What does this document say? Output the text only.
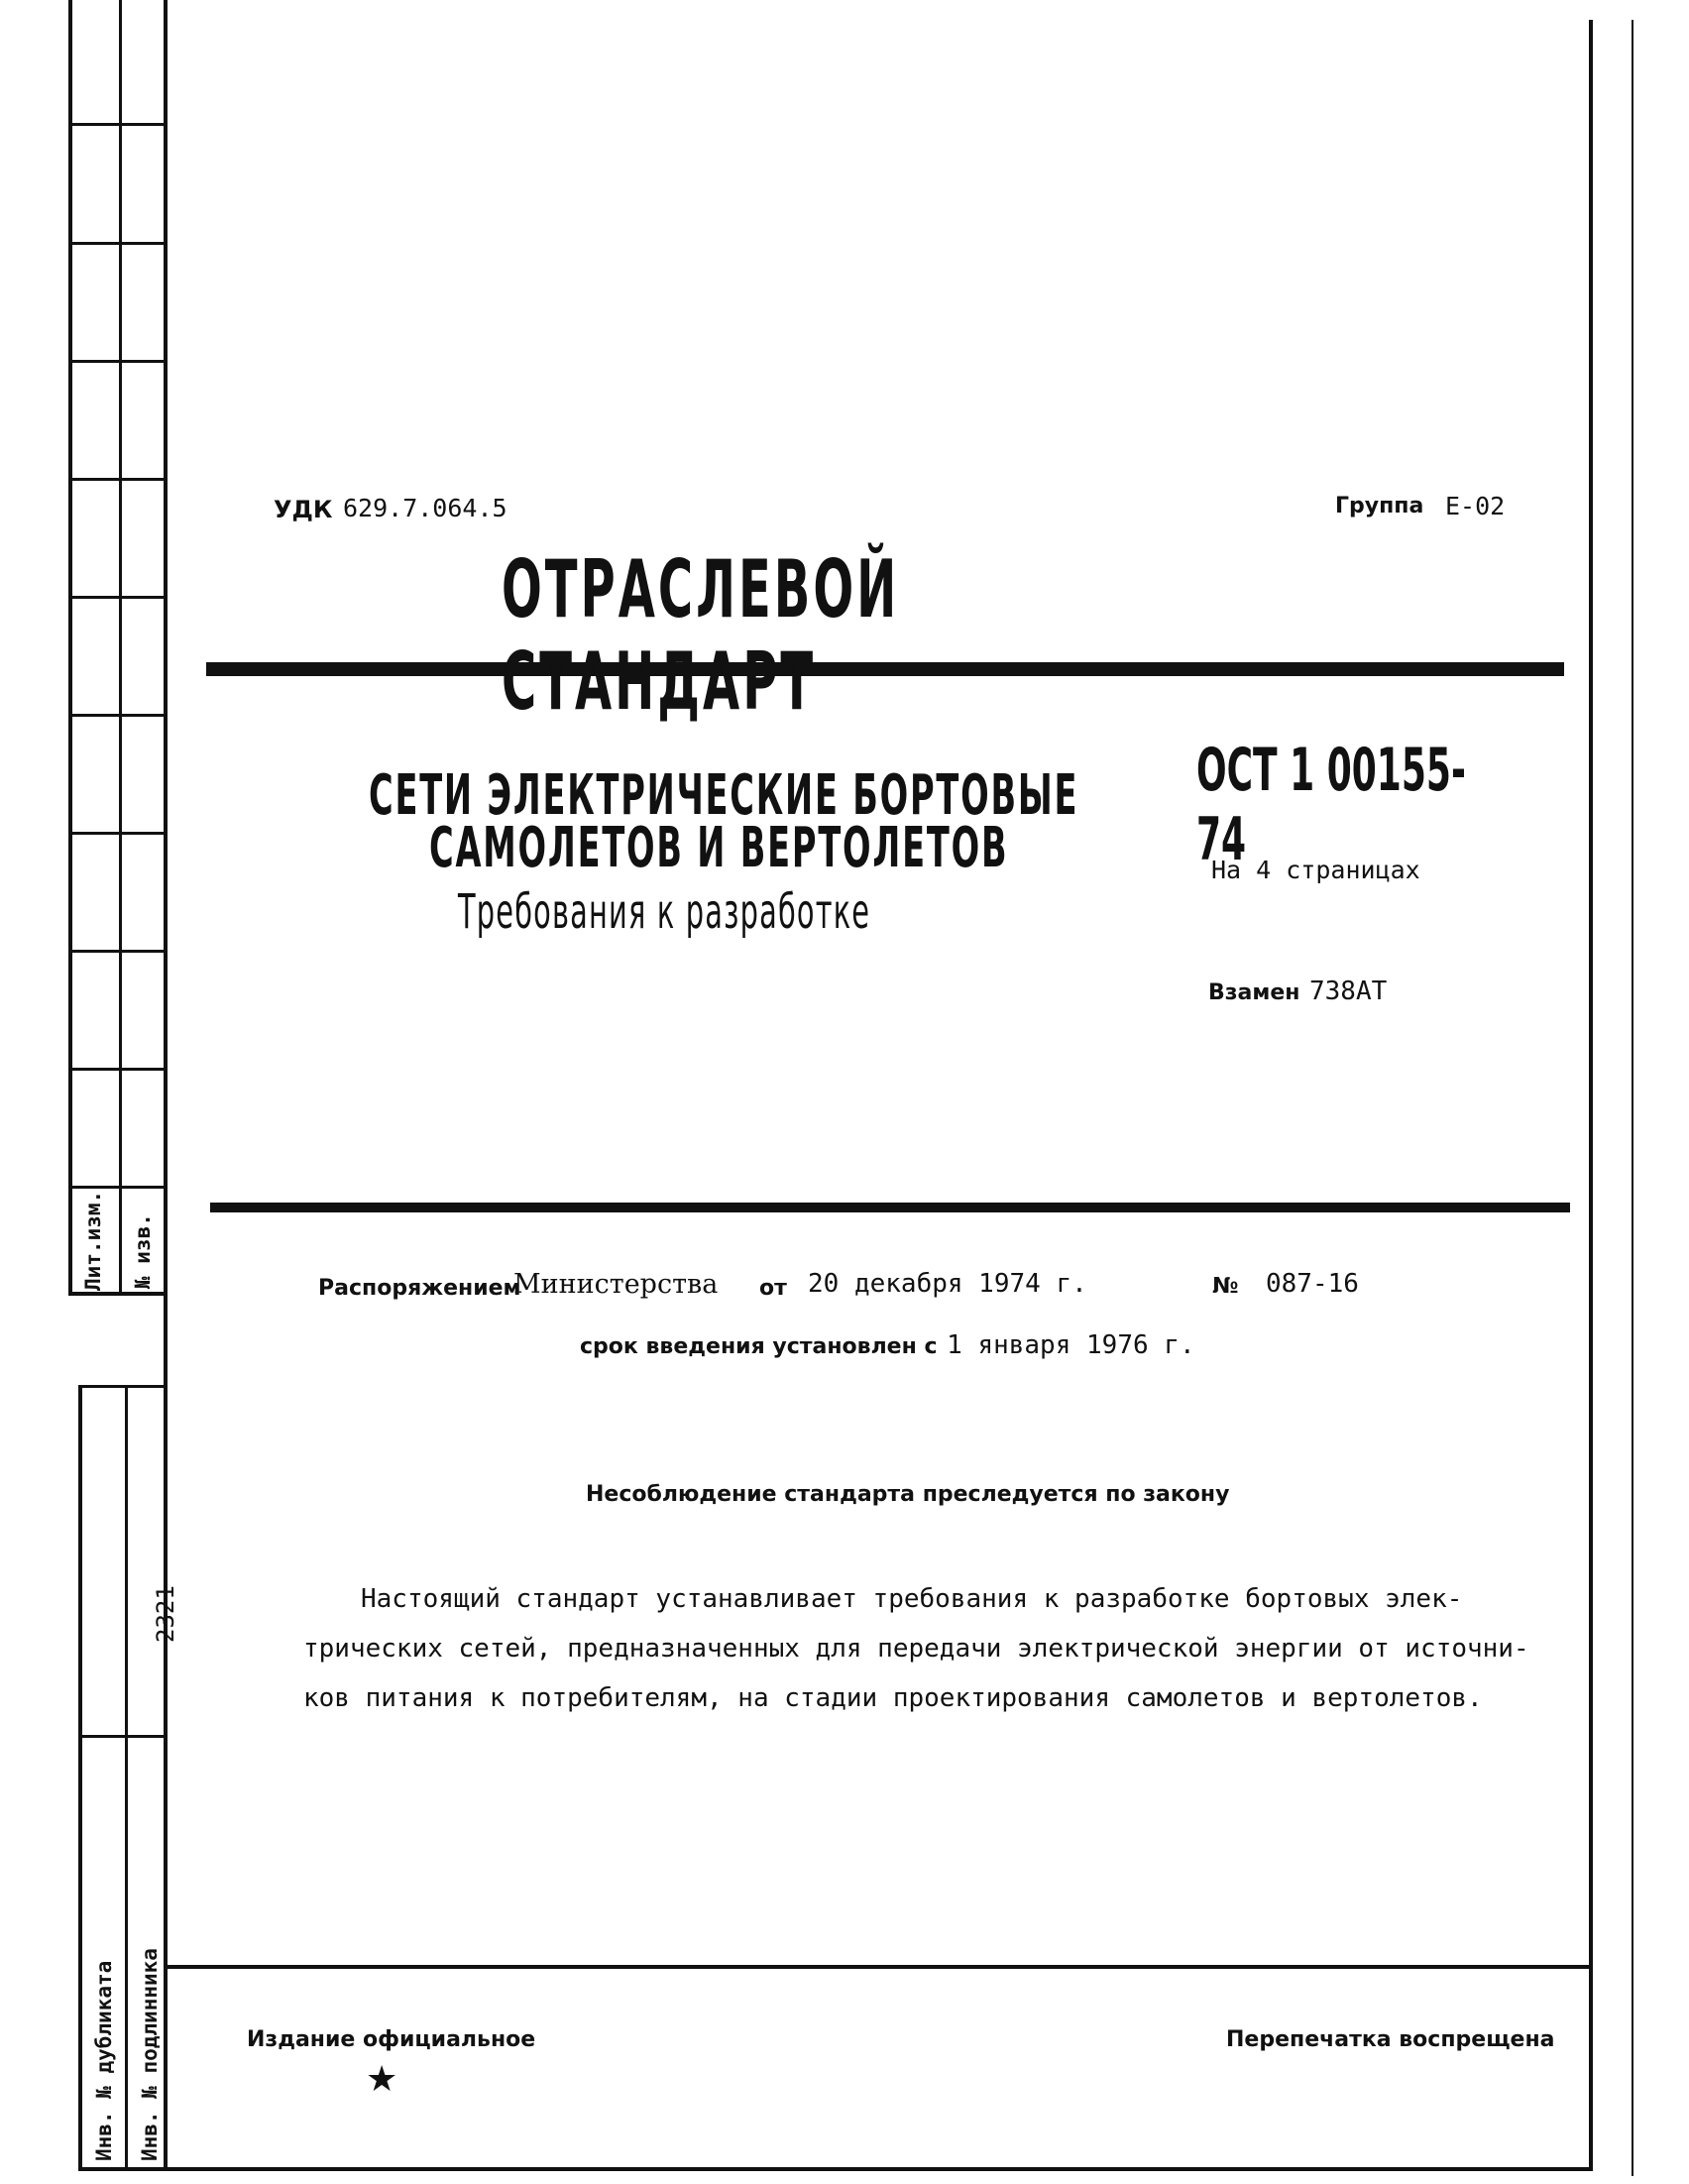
Лит.изм. № изв.
Инв. № дубликата Инв. № подлинника
2321
УДК 629.7.064.5	Группа Е-02
ОТРАСЛЕВОЙ СТАНДАРТ
СЕТИ ЭЛЕКТРИЧЕСКИЕ БОРТОВЫЕ
САМОЛЕТОВ И ВЕРТОЛЕТОВ
Требования к разработке
ОСТ 1 00155-74
На 4 страницах
Взамен 738АТ
Распоряжением
Министерства от 20 декабря 1974 г.	№ 087-16
срок введения установлен с 1 января 1976 г.
Несоблюдение стандарта преследуется по закону
Настоящий стандарт устанавливает требования к разработке бортовых элек-
трических сетей, предназначенных для передачи электрической энергии от источни-
ков питания к потребителям, на стадии проектирования самолетов и вертолетов.
Издание официальное
★
Перепечатка воспрещена
